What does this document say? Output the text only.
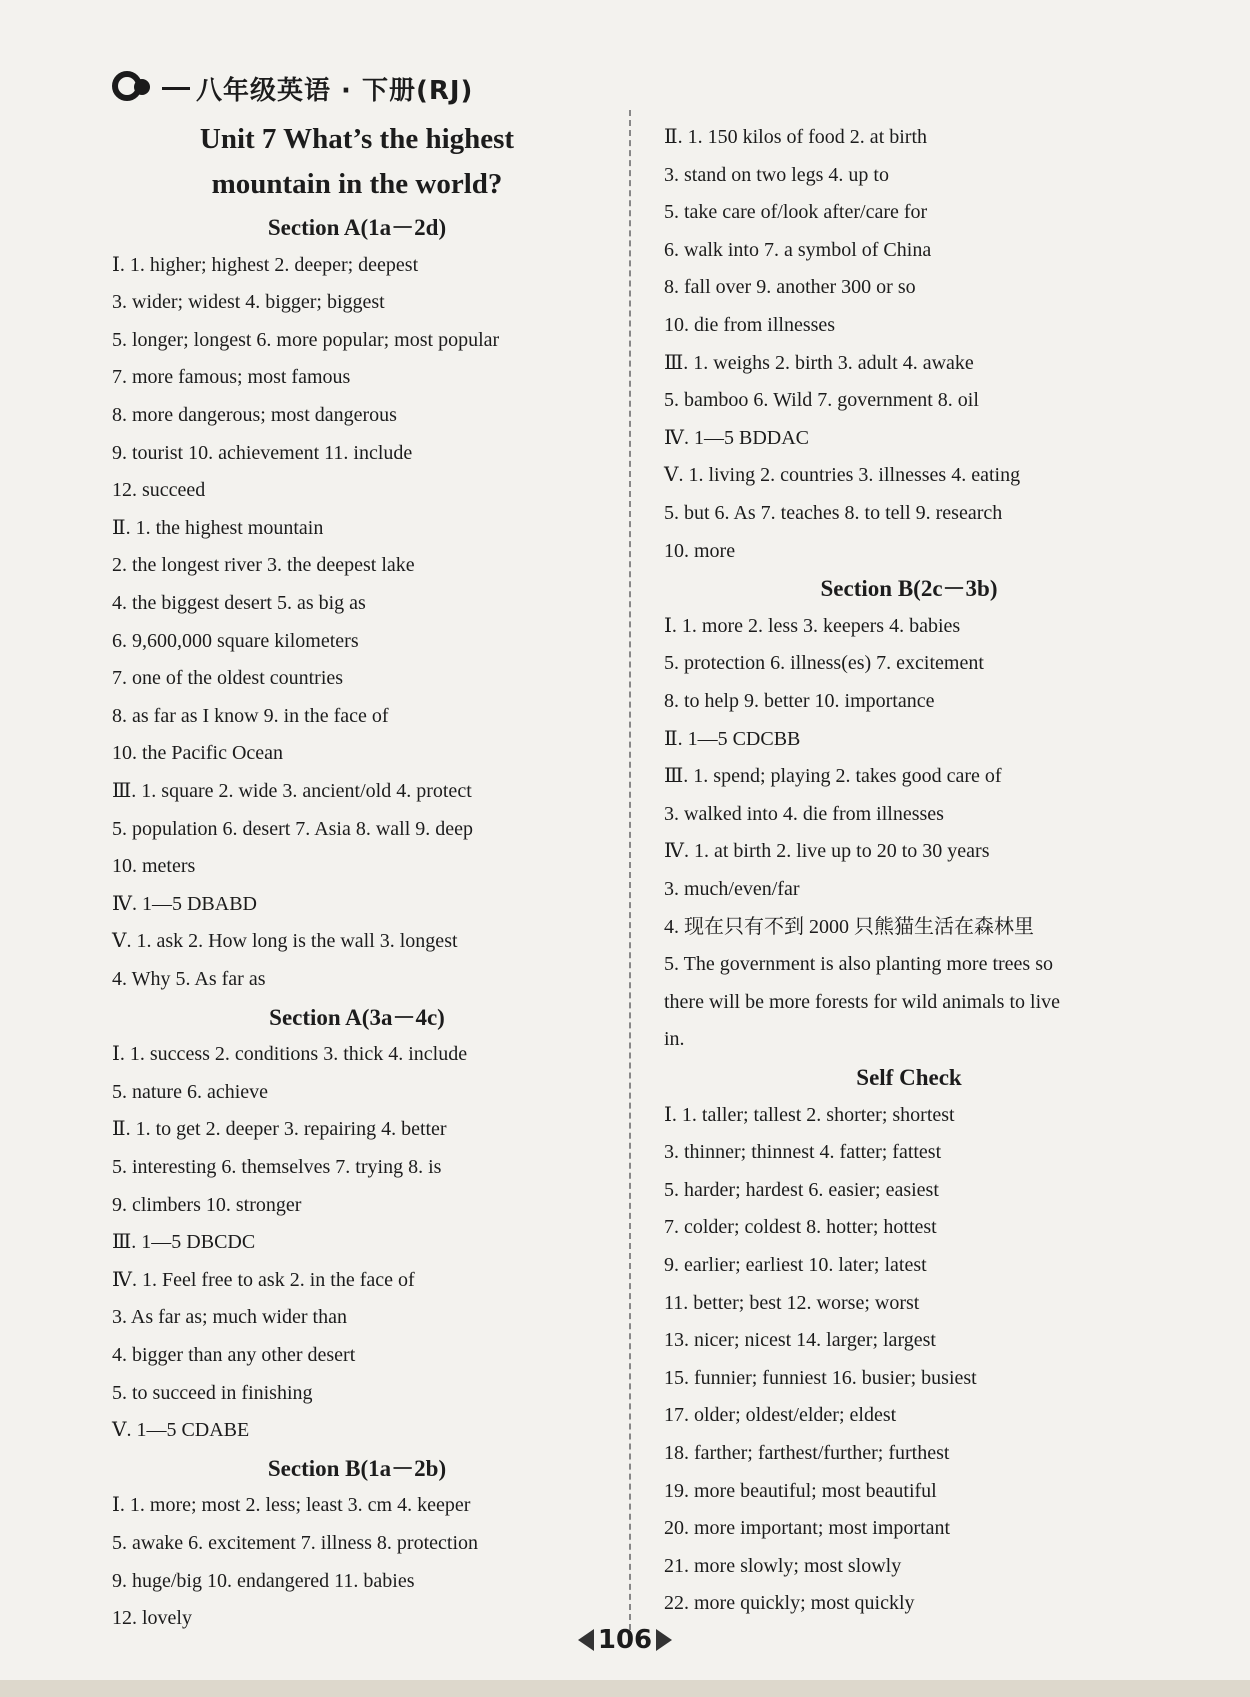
八年级英语 · 下册(RJ)
Unit 7 What’s the highest
mountain in the world?
Section A(1a－2d)
Ⅰ. 1. higher; highest 2. deeper; deepest
3. wider; widest 4. bigger; biggest
5. longer; longest 6. more popular; most popular
7. more famous; most famous
8. more dangerous; most dangerous
9. tourist 10. achievement 11. include
12. succeed
Ⅱ. 1. the highest mountain
2. the longest river 3. the deepest lake
4. the biggest desert 5. as big as
6. 9,600,000 square kilometers
7. one of the oldest countries
8. as far as I know 9. in the face of
10. the Pacific Ocean
Ⅲ. 1. square 2. wide 3. ancient/old 4. protect
5. population 6. desert 7. Asia 8. wall 9. deep
10. meters
Ⅳ. 1—5 DBABD
Ⅴ. 1. ask 2. How long is the wall 3. longest
4. Why 5. As far as
Section A(3a－4c)
Ⅰ. 1. success 2. conditions 3. thick 4. include
5. nature 6. achieve
Ⅱ. 1. to get 2. deeper 3. repairing 4. better
5. interesting 6. themselves 7. trying 8. is
9. climbers 10. stronger
Ⅲ. 1—5 DBCDC
Ⅳ. 1. Feel free to ask 2. in the face of
3. As far as; much wider than
4. bigger than any other desert
5. to succeed in finishing
Ⅴ. 1—5 CDABE
Section B(1a－2b)
Ⅰ. 1. more; most 2. less; least 3. cm 4. keeper
5. awake 6. excitement 7. illness 8. protection
9. huge/big 10. endangered 11. babies
12. lovely
Ⅱ. 1. 150 kilos of food 2. at birth
3. stand on two legs 4. up to
5. take care of/look after/care for
6. walk into 7. a symbol of China
8. fall over 9. another 300 or so
10. die from illnesses
Ⅲ. 1. weighs 2. birth 3. adult 4. awake
5. bamboo 6. Wild 7. government 8. oil
Ⅳ. 1—5 BDDAC
Ⅴ. 1. living 2. countries 3. illnesses 4. eating
5. but 6. As 7. teaches 8. to tell 9. research
10. more
Section B(2c－3b)
Ⅰ. 1. more 2. less 3. keepers 4. babies
5. protection 6. illness(es) 7. excitement
8. to help 9. better 10. importance
Ⅱ. 1—5 CDCBB
Ⅲ. 1. spend; playing 2. takes good care of
3. walked into 4. die from illnesses
Ⅳ. 1. at birth 2. live up to 20 to 30 years
3. much/even/far
4. 现在只有不到 2000 只熊猫生活在森林里
5. The government is also planting more trees so
there will be more forests for wild animals to live
in.
Self Check
Ⅰ. 1. taller; tallest 2. shorter; shortest
3. thinner; thinnest 4. fatter; fattest
5. harder; hardest 6. easier; easiest
7. colder; coldest 8. hotter; hottest
9. earlier; earliest 10. later; latest
11. better; best 12. worse; worst
13. nicer; nicest 14. larger; largest
15. funnier; funniest 16. busier; busiest
17. older; oldest/elder; eldest
18. farther; farthest/further; furthest
19. more beautiful; most beautiful
20. more important; most important
21. more slowly; most slowly
22. more quickly; most quickly
106
